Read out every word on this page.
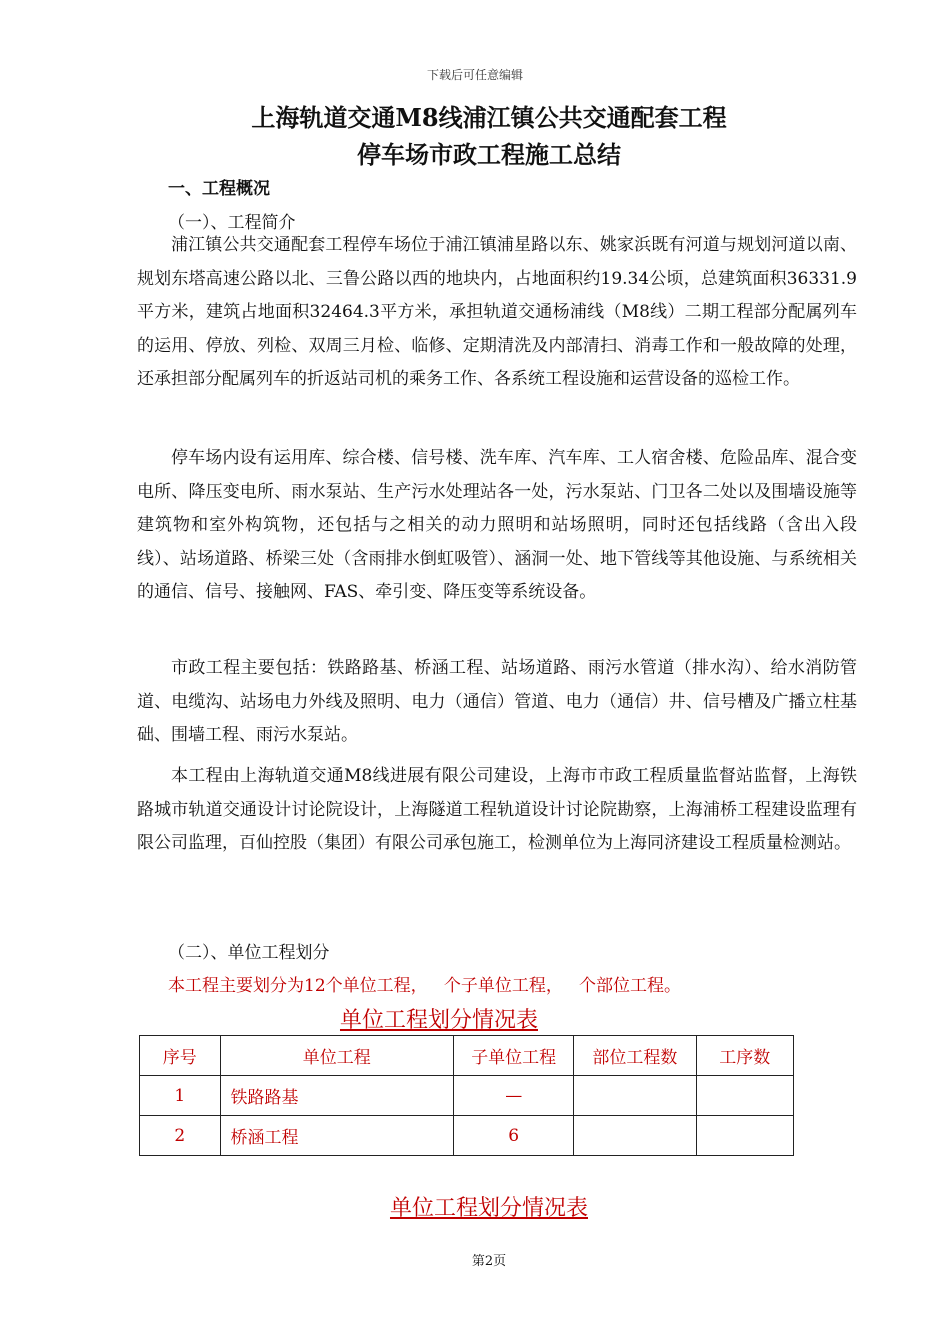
下载后可任意编辑
上海轨道交通M8线浦江镇公共交通配套工程
停车场市政工程施工总结
一、工程概况
（一）、工程简介

浦江镇公共交通配套工程停车场位于浦江镇浦星路以东、姚家浜既有河道与规划河道以南、规划东塔高速公路以北、三鲁公路以西的地块内，占地面积约19.34公顷，总建筑面积36331.9平方米，建筑占地面积32464.3平方米，承担轨道交通杨浦线（M8线）二期工程部分配属列车的运用、停放、列检、双周三月检、临修、定期清洗及内部清扫、消毒工作和一般故障的处理，还承担部分配属列车的折返站司机的乘务工作、各系统工程设施和运营设备的巡检工作。

停车场内设有运用库、综合楼、信号楼、洗车库、汽车库、工人宿舍楼、危险品库、混合变电所、降压变电所、雨水泵站、生产污水处理站各一处，污水泵站、门卫各二处以及围墙设施等建筑物和室外构筑物，还包括与之相关的动力照明和站场照明，同时还包括线路（含出入段线）、站场道路、桥梁三处（含雨排水倒虹吸管）、涵洞一处、地下管线等其他设施、与系统相关的通信、信号、接触网、FAS、牵引变、降压变等系统设备。

市政工程主要包括：铁路路基、桥涵工程、站场道路、雨污水管道（排水沟）、给水消防管道、电缆沟、站场电力外线及照明、电力（通信）管道、电力（通信）井、信号槽及广播立柱基础、围墙工程、雨污水泵站。

本工程由上海轨道交通M8线进展有限公司建设，上海市市政工程质量监督站监督，上海铁路城市轨道交通设计讨论院设计，上海隧道工程轨道设计讨论院勘察，上海浦桥工程建设监理有限公司监理，百仙控股（集团）有限公司承包施工，检测单位为上海同济建设工程质量检测站。

（二）、单位工程划分
本工程主要划分为12个单位工程，   个子单位工程，   个部位工程。
单位工程划分情况表
序号	单位工程	子单位工程	部位工程数	工序数
1	铁路路基	—		
2	桥涵工程	6		
单位工程划分情况表
第2页
